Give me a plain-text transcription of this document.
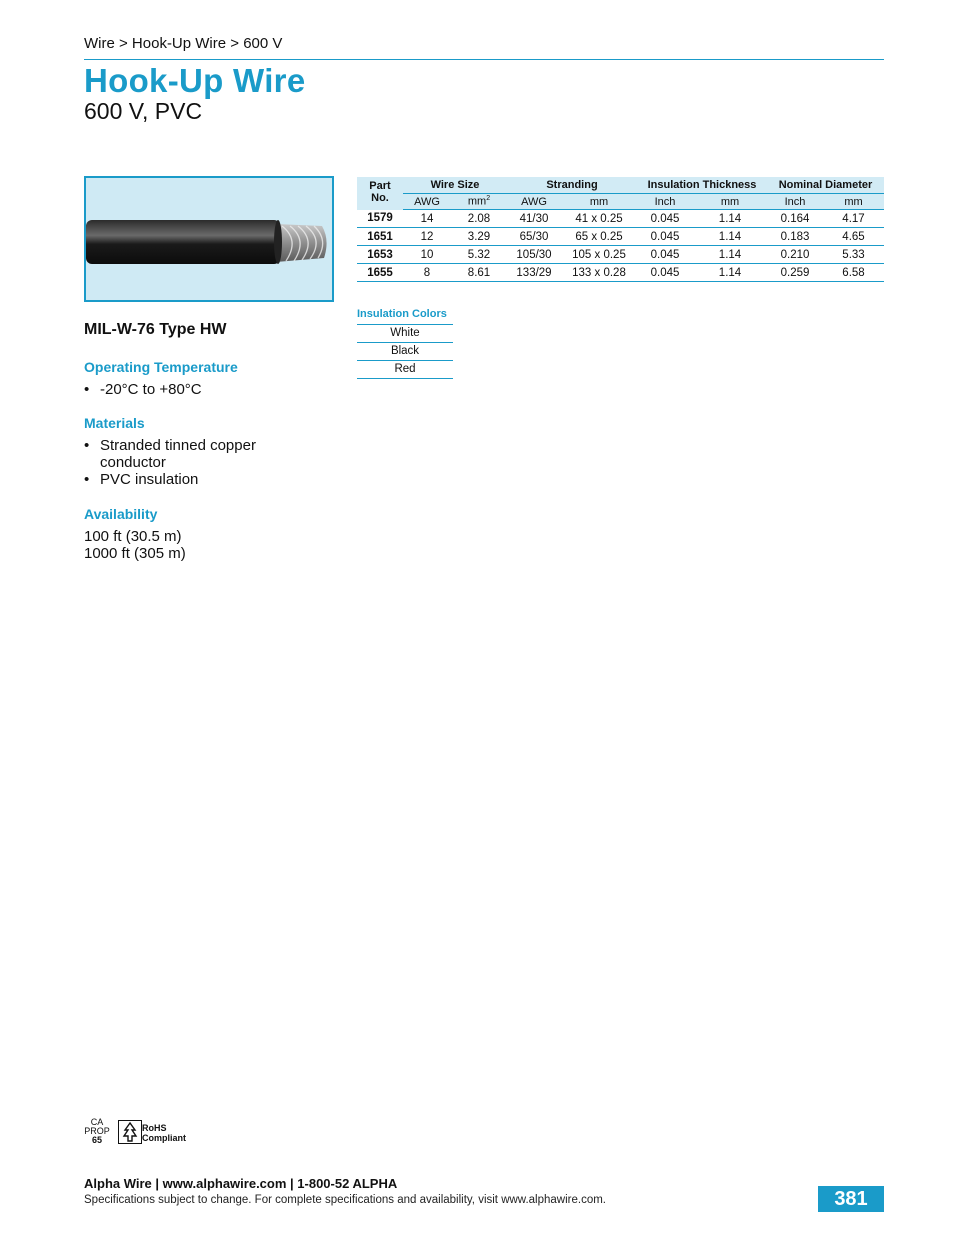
Wire > Hook-Up Wire > 600 V
Hook-Up Wire
600 V, PVC
MIL-W-76 Type HW
Operating Temperature
• -20°C to +80°C
Materials
• Stranded tinned copper
conductor
• PVC insulation
Availability
100 ft (30.5 m)
1000 ft (305 m)
Part
No.	Wire Size		Stranding		Insulation Thickness		Nominal Diameter	
	AWG	$mm^2$	AWG	mm	Inch	mm	Inch	mm
1579	14	2.08	41/30	41 x 0.25	0.045	1.14	0.164	4.17
1651	12	3.29	65/30	65 x 0.25	0.045	1.14	0.183	4.65
1653	10	5.32	105/30	105 x 0.25	0.045	1.14	0.210	5.33
1655	8	8.61	133/29	133 x 0.28	0.045	1.14	0.259	6.58
Insulation Colors
White
Black
Red
CA
PROP
65
RoHS
Compliant
Alpha Wire | www.alphawire.com | 1-800-52 ALPHA
Specifications subject to change. For complete specifications and availability, visit www.alphawire.com.	381
